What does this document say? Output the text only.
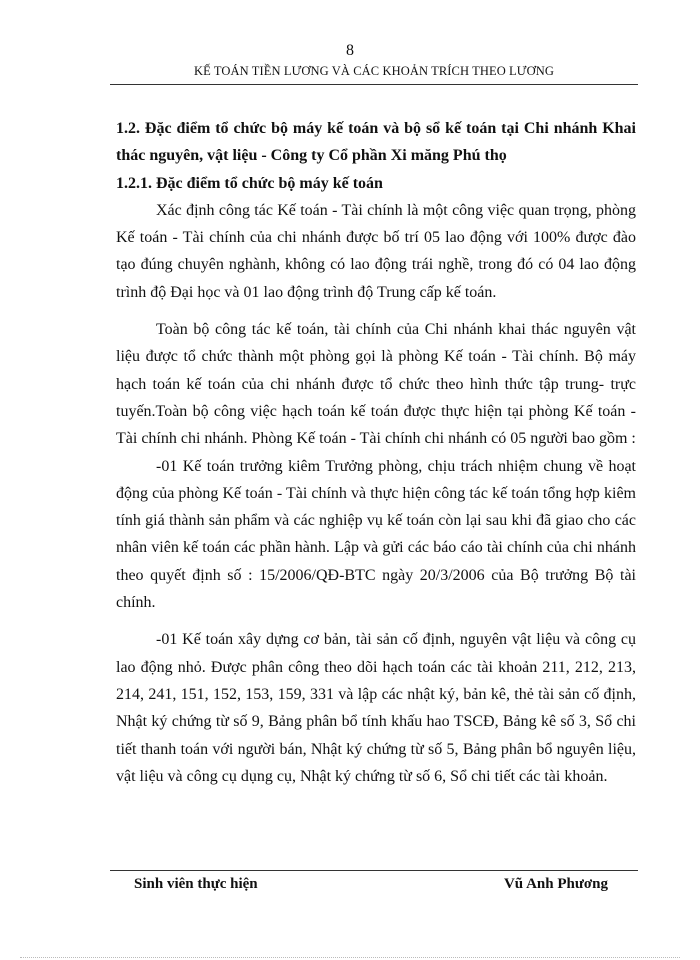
8
KẾ TOÁN TIỀN LƯƠNG VÀ CÁC KHOẢN TRÍCH THEO LƯƠNG

1.2. Đặc điểm tổ chức bộ máy kế toán và bộ sổ kế toán tại Chi nhánh Khai thác nguyên, vật liệu - Công ty Cổ phần Xi măng Phú thọ

1.2.1. Đặc điểm tổ chức bộ máy kế toán

Xác định công tác Kế toán - Tài chính là một công việc quan trọng, phòng Kế toán - Tài chính của chi nhánh được bố trí 05 lao động với 100% được đào tạo đúng chuyên nghành, không có lao động trái nghề, trong đó có 04 lao động trình độ Đại học và 01 lao động trình độ Trung cấp kế toán.

Toàn bộ công tác kế toán, tài chính của Chi nhánh khai thác nguyên vật liệu được tổ chức thành một phòng gọi là phòng Kế toán - Tài chính. Bộ máy hạch toán kế toán của chi nhánh được tổ chức theo hình thức tập trung- trực tuyến.Toàn bộ công việc hạch toán kế toán được thực hiện tại phòng Kế toán - Tài chính chi nhánh. Phòng Kế toán - Tài chính chi nhánh có 05 người bao gồm :

-01 Kế toán trưởng kiêm Trưởng phòng, chịu trách nhiệm chung về hoạt động của phòng Kế toán - Tài chính và thực hiện công tác kế toán tổng hợp kiêm tính giá thành sản phẩm và các nghiệp vụ kế toán còn lại sau khi đã giao cho các nhân viên kế toán các phần hành. Lập và gửi các báo cáo tài chính của chi nhánh theo quyết định số : 15/2006/QĐ-BTC ngày 20/3/2006 của Bộ trưởng Bộ tài chính.

-01 Kế toán xây dựng cơ bản, tài sản cố định, nguyên vật liệu và công cụ lao động nhỏ. Được phân công theo dõi hạch toán các tài khoản 211, 212, 213, 214, 241, 151, 152, 153, 159, 331 và lập các nhật ký, bản kê, thẻ tài sản cố định, Nhật ký chứng từ số 9, Bảng phân bổ tính khấu hao TSCĐ, Bảng kê số 3, Sổ chi tiết thanh toán với người bán, Nhật ký chứng từ số 5, Bảng phân bổ nguyên liệu, vật liệu và công cụ dụng cụ, Nhật ký chứng từ số 6, Sổ chi tiết các tài khoản.

Sinh viên thực hiện	Vũ Anh Phương
